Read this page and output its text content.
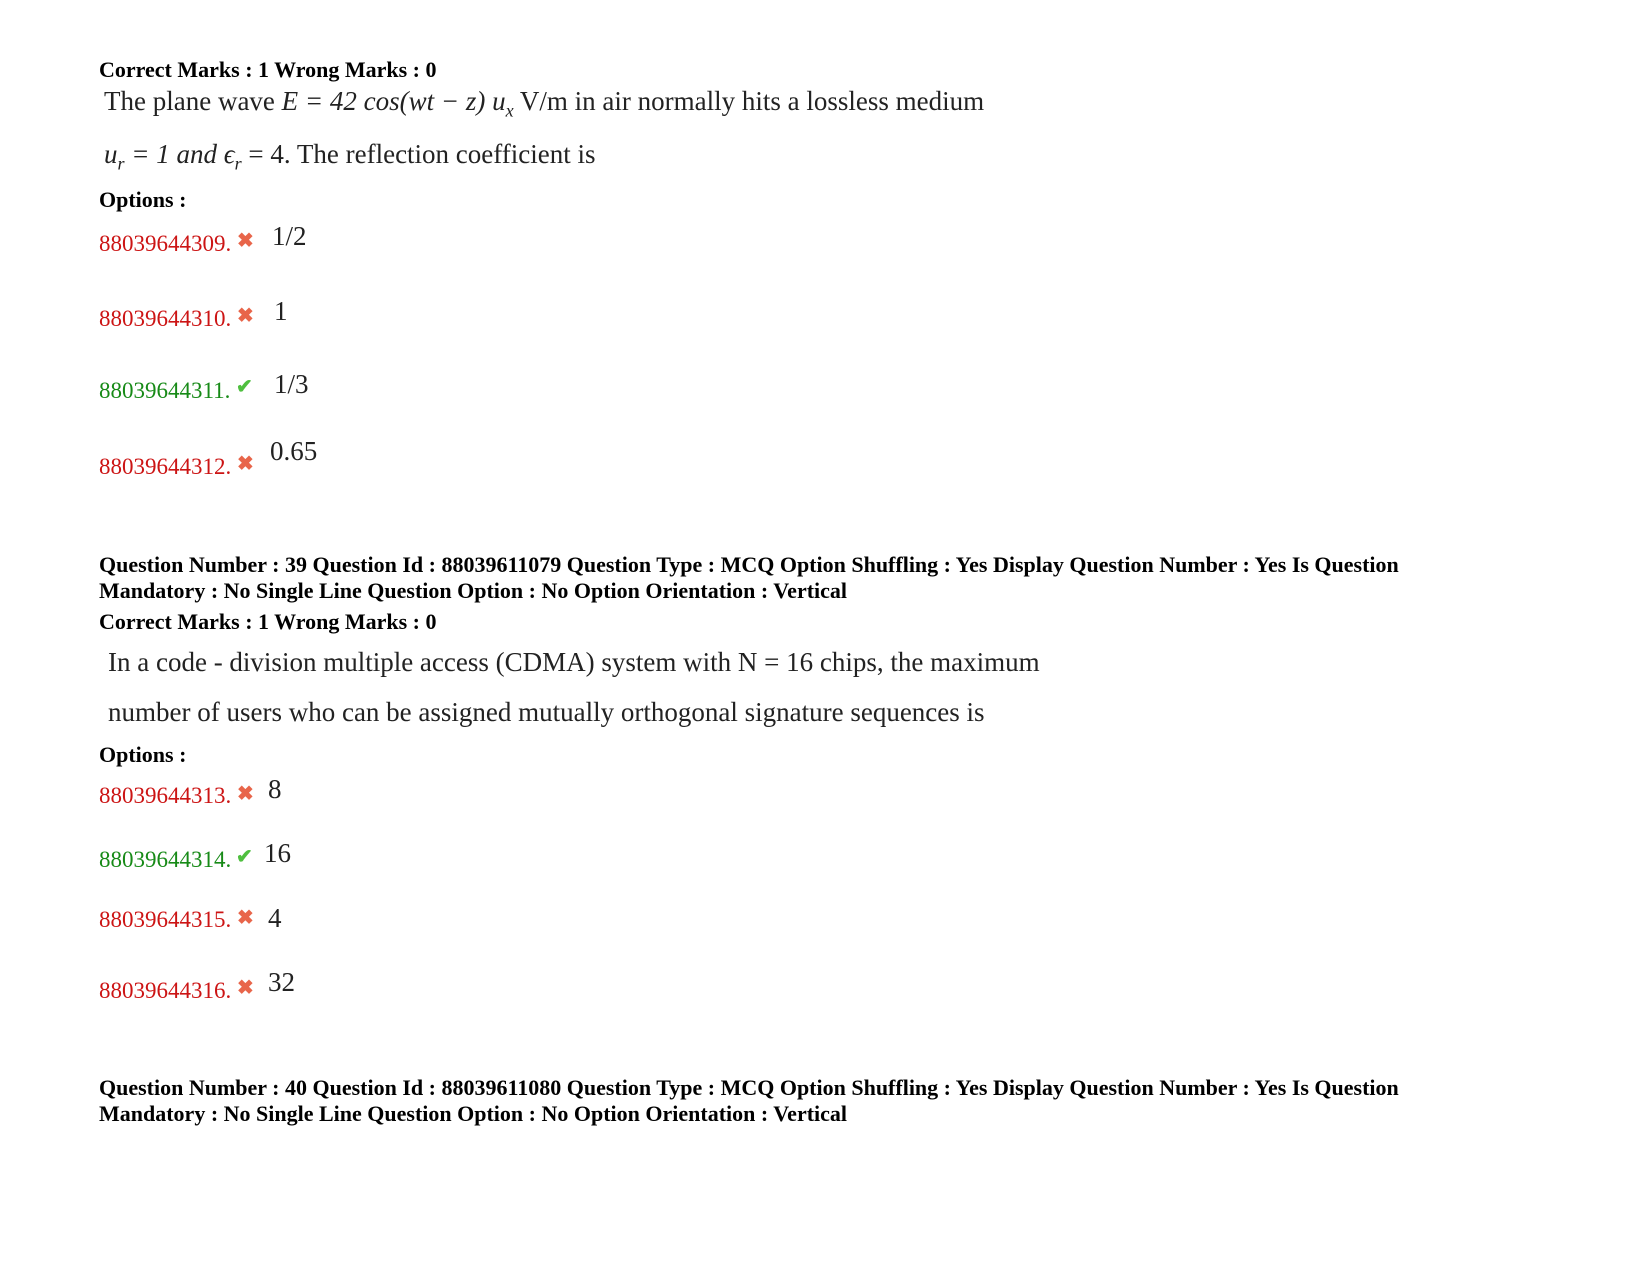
Correct Marks : 1 Wrong Marks : 0
The plane wave E = 42 cos(wt − z) $u_x$ V/m in air normally hits a lossless medium
$u_r = 1$ and $\epsilon_r = 4$. The reflection coefficient is
Options :
88039644309. ✖ 1/2
88039644310. ✖ 1
88039644311. ✔ 1/3
88039644312. ✖ 0.65
Question Number : 39 Question Id : 88039611079 Question Type : MCQ Option Shuffling : Yes Display Question Number : Yes Is Question
Mandatory : No Single Line Question Option : No Option Orientation : Vertical
Correct Marks : 1 Wrong Marks : 0
In a code - division multiple access (CDMA) system with N = 16 chips, the maximum
number of users who can be assigned mutually orthogonal signature sequences is
Options :
88039644313. ✖ 8
88039644314. ✔ 16
88039644315. ✖ 4
88039644316. ✖ 32
Question Number : 40 Question Id : 88039611080 Question Type : MCQ Option Shuffling : Yes Display Question Number : Yes Is Question
Mandatory : No Single Line Question Option : No Option Orientation : Vertical
